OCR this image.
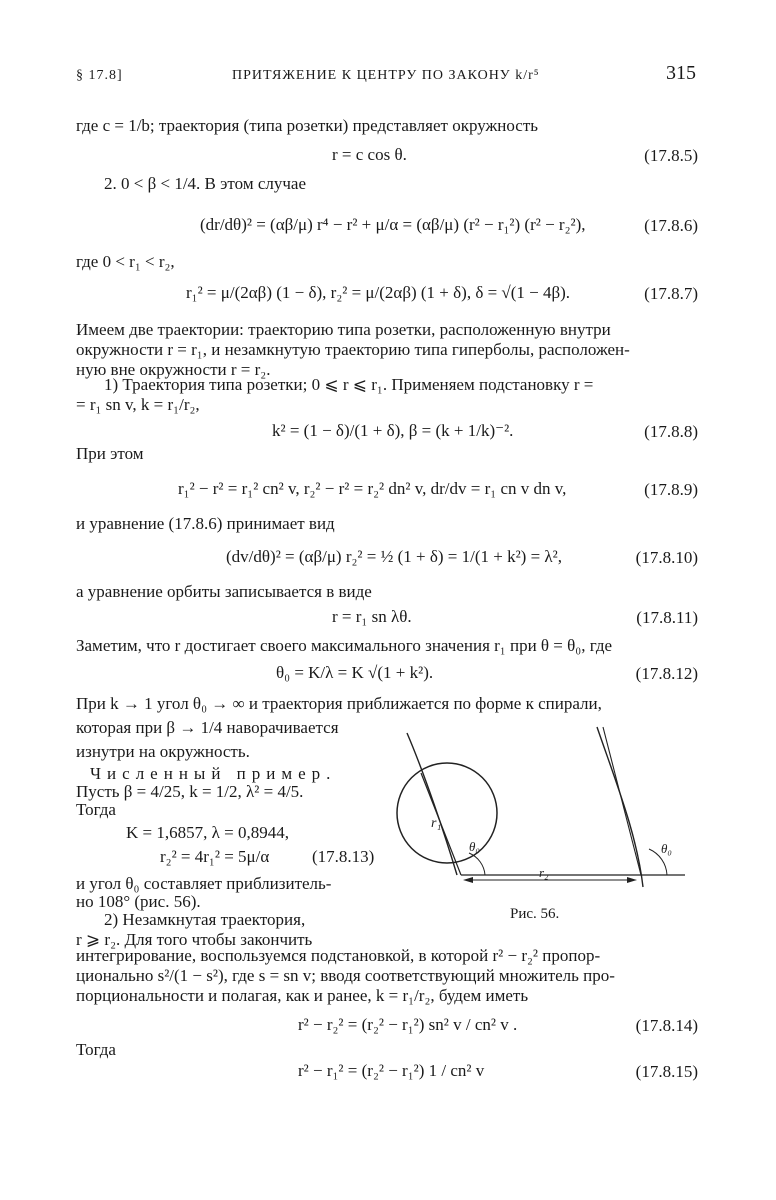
§ 17.8]	ПРИТЯЖЕНИЕ К ЦЕНТРУ ПО ЗАКОНУ k/r⁵	315
где c = 1/b; траектория (типа розетки) представляет окружность
r = c cos θ.	(17.8.5)
2. 0 < β < 1/4. В этом случае
(dr/dθ)² = (αβ/μ) r⁴ − r² + μ/α = (αβ/μ) (r² − r₁²) (r² − r₂²),	(17.8.6)
где 0 < r₁ < r₂,
r₁² = μ/(2αβ) (1 − δ), r₂² = μ/(2αβ) (1 + δ), δ = √(1 − 4β).	(17.8.7)
Имеем две траектории: траекторию типа розетки, расположенную внутри
окружности r = r₁, и незамкнутую траекторию типа гиперболы, расположен-
ную вне окружности r = r₂.
1) Траектория типа розетки; 0 ⩽ r ⩽ r₁. Применяем подстановку r =
= r₁ sn v, k = r₁/r₂,
k² = (1 − δ)/(1 + δ), β = (k + 1/k)⁻².	(17.8.8)
При этом
r₁² − r² = r₁² cn² v, r₂² − r² = r₂² dn² v, dr/dv = r₁ cn v dn v,	(17.8.9)
и уравнение (17.8.6) принимает вид
(dv/dθ)² = (αβ/μ) r₂² = ½ (1 + δ) = 1/(1 + k²) = λ²,	(17.8.10)
а уравнение орбиты записывается в виде
r = r₁ sn λθ.	(17.8.11)
Заметим, что r достигает своего максимального значения r₁ при θ = θ₀, где
θ₀ = K/λ = K √(1 + k²).	(17.8.12)
При k → 1 угол θ₀ → ∞ и траектория приближается по форме к спирали,
которая при β → 1/4 наворачивается
изнутри на окружность.
Численный пример.
Пусть β = 4/25, k = 1/2, λ² = 4/5.
Тогда
K = 1,6857, λ = 0,8944,
r₂² = 4r₁² = 5μ/α	(17.8.13)
и угол θ₀ составляет приблизитель-
но 108° (рис. 56).
2) Незамкнутая траектория,
r ⩾ r₂. Для того чтобы закончить
интегрирование, воспользуемся подстановкой, в которой r² − r₂² пропор-
ционально s²/(1 − s²), где s = sn v; вводя соответствующий множитель про-
порциональности и полагая, как и ранее, k = r₁/r₂, будем иметь
r² − r₂² = (r₂² − r₁²) sn² v / cn² v .	(17.8.14)
Тогда
r² − r₁² = (r₂² − r₁²) 1 / cn² v	(17.8.15)
r₁
θ₀
r₂
θ₀
Рис. 56.
